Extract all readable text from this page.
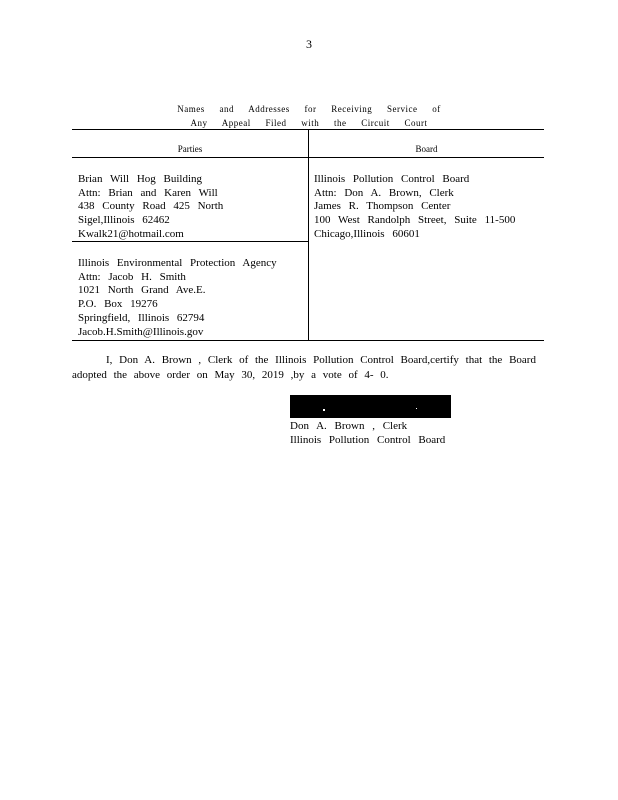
3
Names and Addresses for Receiving Service of
Any Appeal Filed with the Circuit Court
Parties	Board
Brian Will Hog Building
Attn: Brian and Karen Will
438 County Road 425 North
Sigel,Illinois 62462
Kwalk21@hotmail.com
Illinois Environmental Protection Agency
Attn: Jacob H. Smith
1021 North Grand Ave.E.
P.O. Box 19276
Springfield, Illinois 62794
Jacob.H.Smith@Illinois.gov
Illinois Pollution Control Board
Attn: Don A. Brown, Clerk
James R. Thompson Center
100 West Randolph Street, Suite 11-500
Chicago,Illinois 60601
I, Don A. Brown , Clerk of the Illinois Pollution Control Board,certify that the Board
adopted the above order on May 30, 2019 ,by a vote of 4- 0.
Don A. Brown , Clerk
Illinois Pollution Control Board
